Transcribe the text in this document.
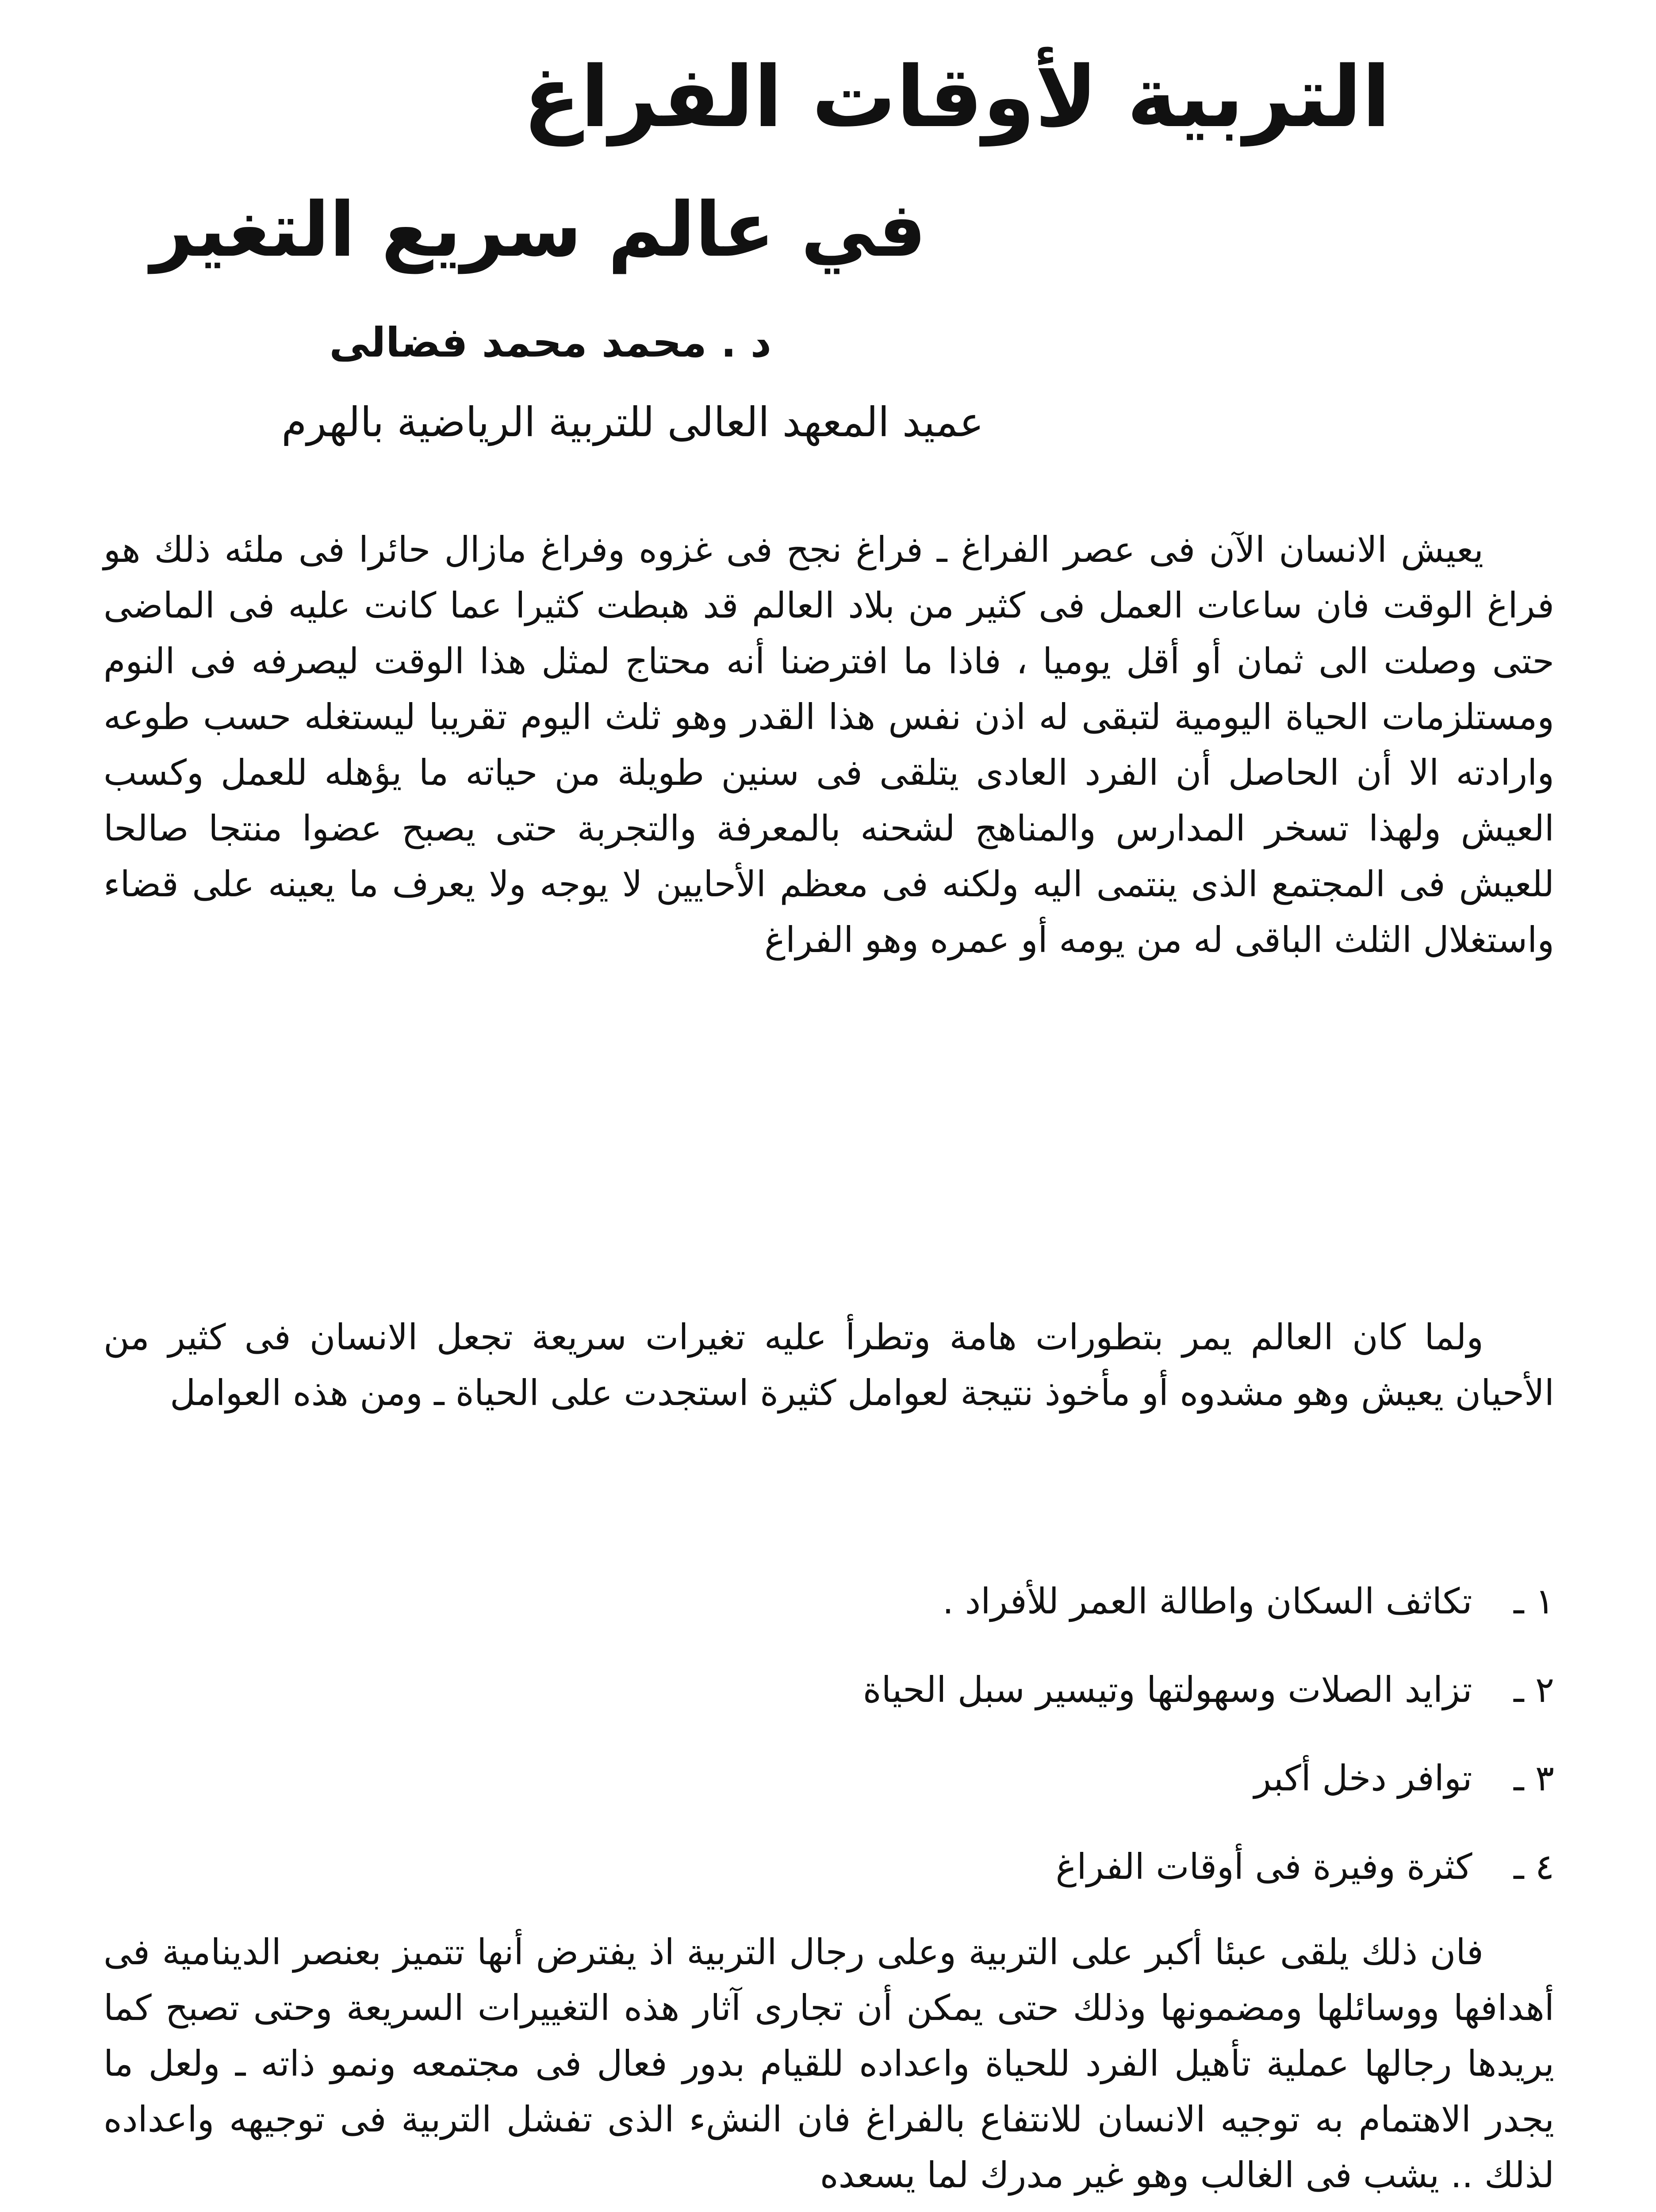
التربية لأوقات الفراغ
في عالم سريع التغير
د . محمد محمد فضالى
عميد المعهد العالى للتربية الرياضية بالهرم

يعيش الانسان الآن فى عصر الفراغ ـ فراغ نجح فى غزوه وفراغ مازال حائرا فى ملئه ذلك هو فراغ الوقت فان ساعات العمل فى كثير من بلاد العالم قد هبطت كثيرا عما كانت عليه فى الماضى حتى وصلت الى ثمان أو أقل يوميا ، فاذا ما افترضنا أنه محتاج لمثل هذا الوقت ليصرفه فى النوم ومستلزمات الحياة اليومية لتبقى له اذن نفس هذا القدر وهو ثلث اليوم تقريبا ليستغله حسب طوعه وارادته الا أن الحاصل أن الفرد العادى يتلقى فى سنين طويلة من حياته ما يؤهله للعمل وكسب العيش ولهذا تسخر المدارس والمناهج لشحنه بالمعرفة والتجربة حتى يصبح عضوا منتجا صالحا للعيش فى المجتمع الذى ينتمى اليه ولكنه فى معظم الأحايين لا يوجه ولا يعرف ما يعينه على قضاء واستغلال الثلث الباقى له من يومه أو عمره وهو الفراغ

ولما كان العالم يمر بتطورات هامة وتطرأ عليه تغيرات سريعة تجعل الانسان فى كثير من الأحيان يعيش وهو مشدوه أو مأخوذ نتيجة لعوامل كثيرة استجدت على الحياة ـ ومن هذه العوامل

١ ـ تكاثف السكان واطالة العمر للأفراد .
٢ ـ تزايد الصلات وسهولتها وتيسير سبل الحياة
٣ ـ توافر دخل أكبر
٤ ـ كثرة وفيرة فى أوقات الفراغ

فان ذلك يلقى عبئا أكبر على التربية وعلى رجال التربية اذ يفترض أنها تتميز بعنصر الدينامية فى أهدافها ووسائلها ومضمونها وذلك حتى يمكن أن تجارى آثار هذه التغييرات السريعة وحتى تصبح كما يريدها رجالها عملية تأهيل الفرد للحياة واعداده للقيام بدور فعال فى مجتمعه ونمو ذاته ـ ولعل ما يجدر الاهتمام به توجيه الانسان للانتفاع بالفراغ فان النشء الذى تفشل التربية فى توجيهه واعداده لذلك .. يشب فى الغالب وهو غير مدرك لما يسعده
